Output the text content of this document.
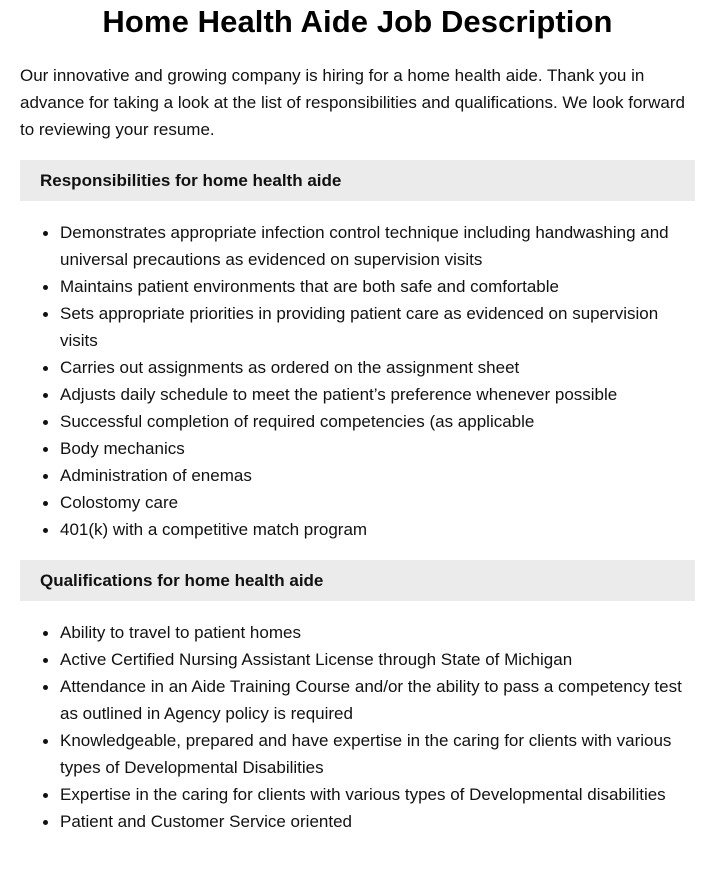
Home Health Aide Job Description

Our innovative and growing company is hiring for a home health aide. Thank you in advance for taking a look at the list of responsibilities and qualifications. We look forward to reviewing your resume.

Responsibilities for home health aide
Demonstrates appropriate infection control technique including handwashing and universal precautions as evidenced on supervision visits
Maintains patient environments that are both safe and comfortable
Sets appropriate priorities in providing patient care as evidenced on supervision visits
Carries out assignments as ordered on the assignment sheet
Adjusts daily schedule to meet the patient’s preference whenever possible
Successful completion of required competencies (as applicable
Body mechanics
Administration of enemas
Colostomy care
401(k) with a competitive match program
Qualifications for home health aide
Ability to travel to patient homes
Active Certified Nursing Assistant License through State of Michigan
Attendance in an Aide Training Course and/or the ability to pass a competency test as outlined in Agency policy is required
Knowledgeable, prepared and have expertise in the caring for clients with various types of Developmental Disabilities
Expertise in the caring for clients with various types of Developmental disabilities
Patient and Customer Service oriented
